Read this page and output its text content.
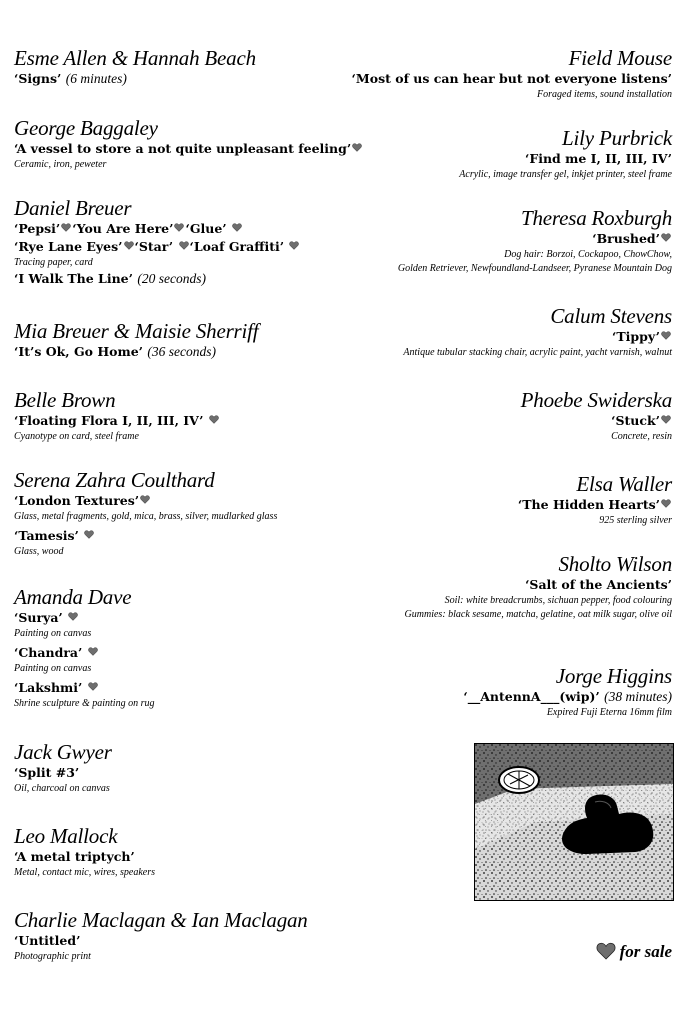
Esme Allen & Hannah Beach
‘Signs’ (6 minutes)
George Baggaley
‘A vessel to store a not quite unpleasant feeling’
Ceramic, iron, peweter
Daniel Breuer
‘Pepsi’ ‘You Are Here’ ‘Glue’
‘Rye Lane Eyes’ ‘Star’ ‘Loaf Graffiti’
Tracing paper, card
‘I Walk The Line’ (20 seconds)
Mia Breuer & Maisie Sherriff
‘It’s Ok, Go Home’ (36 seconds)
Belle Brown
‘Floating Flora I, II, III, IV’
Cyanotype on card, steel frame
Serena Zahra Coulthard
‘London Textures’
Glass, metal fragments, gold, mica, brass, silver, mudlarked glass
‘Tamesis’
Glass, wood
Amanda Dave
‘Surya’
Painting on canvas
‘Chandra’
Painting on canvas
‘Lakshmi’
Shrine sculpture & painting on rug
Jack Gwyer
‘Split #3’
Oil, charcoal on canvas
Leo Mallock
‘A metal triptych’
Metal, contact mic, wires, speakers
Charlie Maclagan & Ian Maclagan
‘Untitled’
Photographic print
Field Mouse
‘Most of us can hear but not everyone listens’
Foraged items, sound installation
Lily Purbrick
‘Find me I, II, III, IV’
Acrylic, image transfer gel, inkjet printer, steel frame
Theresa Roxburgh
‘Brushed’
Dog hair: Borzoi, Cockapoo, ChowChow,
Golden Retriever, Newfoundland-Landseer, Pyranese Mountain Dog
Calum Stevens
‘Tippy’
Antique tubular stacking chair, acrylic paint, yacht varnish, walnut
Phoebe Swiderska
‘Stuck’
Concrete, resin
Elsa Waller
‘The Hidden Hearts’
925 sterling silver
Sholto Wilson
‘Salt of the Ancients’
Soil: white breadcrumbs, sichuan pepper, food colouring
Gummies: black sesame, matcha, gelatine, oat milk sugar, olive oil
Jorge Higgins
‘__AntennA___(wip)’ (38 minutes)
Expired Fuji Eterna 16mm film
for sale
